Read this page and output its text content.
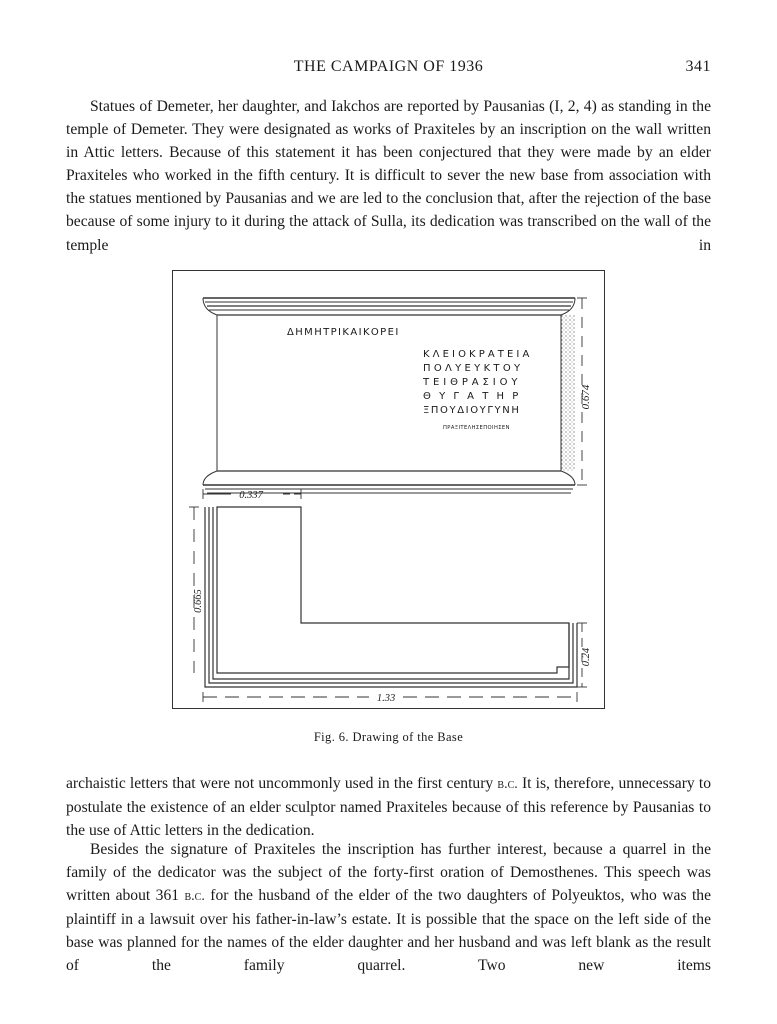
THE CAMPAIGN OF 1936	341

Statues of Demeter, her daughter, and Iakchos are reported by Pausanias (I, 2, 4) as standing in the temple of Demeter. They were designated as works of Praxiteles by an inscription on the wall written in Attic letters. Because of this statement it has been conjectured that they were made by an elder Praxiteles who worked in the fifth century. It is difficult to sever the new base from association with the statues mentioned by Pausanias and we are led to the conclusion that, after the rejection of the base because of some injury to it during the attack of Sulla, its dedication was transcribed on the wall of the temple in

ΔΗΜΗΤΡΙΚΑΙΚΟΡΕΙ
ΚΛΕΙΟΚΡΑΤΕΙΑ
ΠΟΛΥΕΥΚΤΟΥ
ΤΕΙΘΡΑΣΙΟΥ
ΘΥΓΑΤΗΡ
ΞΠΟΥΔΙΟΥΓΥΝΗ
ΠΡΑΞΙΤΕΛΗΣΕΠΟΙΗΣΕΝ
0.674
0.337
0.665
0.24
1.33
Fig. 6. Drawing of the Base

archaistic letters that were not uncommonly used in the first century b.c. It is, therefore, unnecessary to postulate the existence of an elder sculptor named Praxiteles because of this reference by Pausanias to the use of Attic letters in the dedication.

Besides the signature of Praxiteles the inscription has further interest, because a quarrel in the family of the dedicator was the subject of the forty-first oration of Demosthenes. This speech was written about 361 b.c. for the husband of the elder of the two daughters of Polyeuktos, who was the plaintiff in a lawsuit over his father-in-law’s estate. It is possible that the space on the left side of the base was planned for the names of the elder daughter and her husband and was left blank as the result of the family quarrel. Two new items
